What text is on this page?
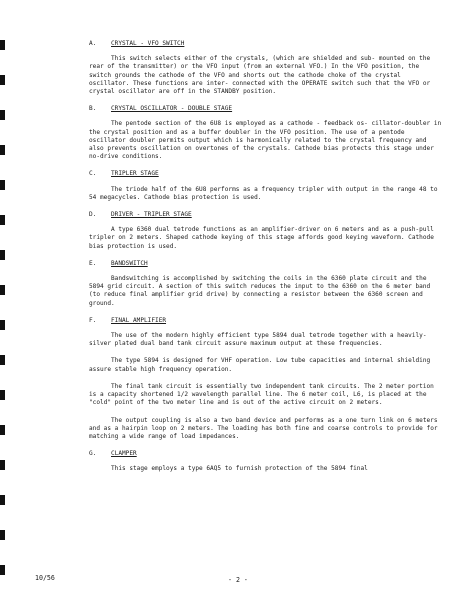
A.	CRYSTAL - VFO SWITCH

This switch selects either of the crystals, (which are shielded and sub- mounted on the rear of the transmitter) or the VFO input (from an external VFO.) In the VFO position, the switch grounds the cathode of the VFO and shorts out the cathode choke of the crystal oscillator. These functions are inter- connected with the OPERATE switch such that the VFO or crystal oscillator are off in the STANDBY position.

B.	CRYSTAL OSCILLATOR - DOUBLE STAGE

The pentode section of the 6U8 is employed as a cathode - feedback os- cillator-doubler in the crystal position and as a buffer doubler in the VFO position. The use of a pentode oscillator doubler permits output which is harmonically related to the crystal frequency and also prevents oscillation on overtones of the crystals. Cathode bias protects this stage under no-drive conditions.

C.	TRIPLER STAGE

The triode half of the 6U8 performs as a frequency tripler with output in the range 48 to 54 megacycles. Cathode bias protection is used.

D.	DRIVER - TRIPLER STAGE

A type 6360 dual tetrode functions as an amplifier-driver on 6 meters and as a push-pull tripler on 2 meters. Shaped cathode keying of this stage affords good keying waveform. Cathode bias protection is used.

E.	BANDSWITCH

Bandswitching is accomplished by switching the coils in the 6360 plate circuit and the 5894 grid circuit. A section of this switch reduces the input to the 6360 on the 6 meter band (to reduce final amplifier grid drive) by connecting a resistor between the 6360 screen and ground.

F.	FINAL AMPLIFIER

The use of the modern highly efficient type 5894 dual tetrode together with a heavily-silver plated dual band tank circuit assure maximum output at these frequencies.

The type 5894 is designed for VHF operation. Low tube capacities and internal shielding assure stable high frequency operation.

The final tank circuit is essentially two independent tank circuits. The 2 meter portion is a capacity shortened 1/2 wavelength parallel line. The 6 meter coil, L6, is placed at the "cold" point of the two meter line and is out of the active circuit on 2 meters.

The output coupling is also a two band device and performs as a one turn link on 6 meters and as a hairpin loop on 2 meters. The loading has both fine and coarse controls to provide for matching a wide range of load impedances.

G.	CLAMPER

This stage employs a type 6AQ5 to furnish protection of the 5894 final

10/56	- 2 -
